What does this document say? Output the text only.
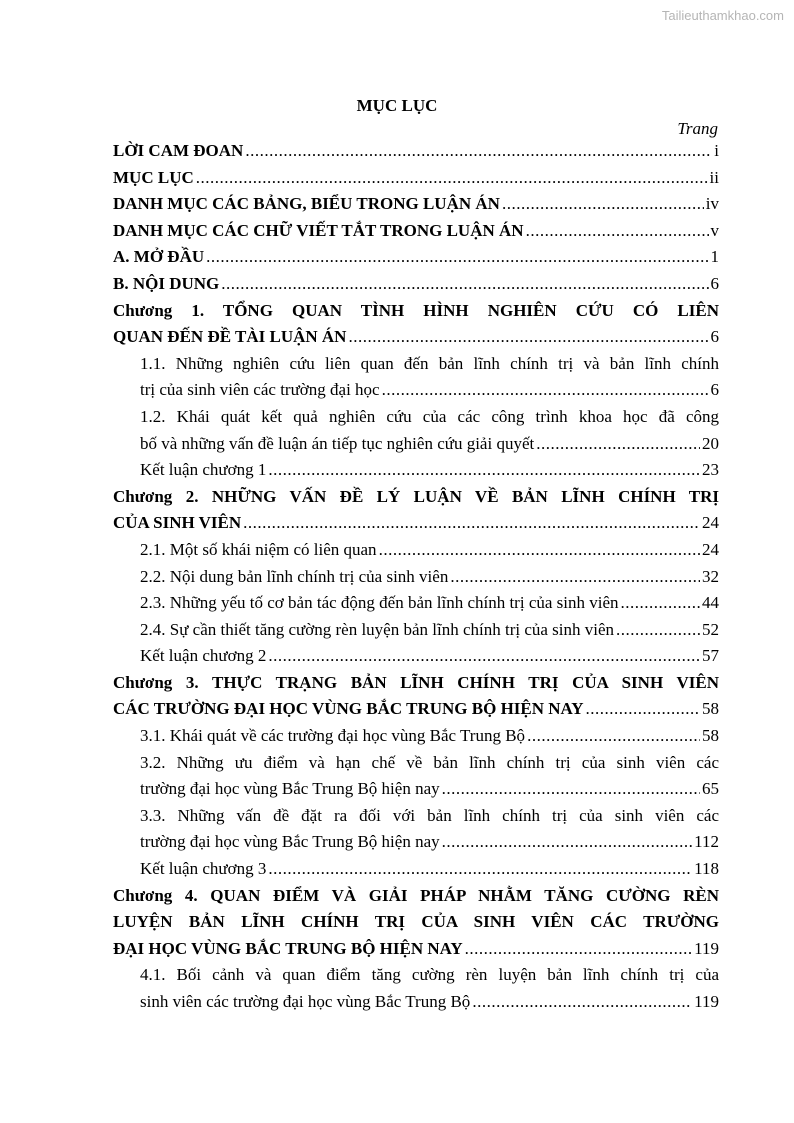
Tailieuthamkhao.com
MỤC LỤC
Trang
LỜI CAM ĐOAN .....	i
MỤC LỤC .....	ii
DANH MỤC CÁC BẢNG, BIỂU TRONG LUẬN ÁN .....	iv
DANH MỤC CÁC CHỮ VIẾT TẮT TRONG LUẬN ÁN .....	v
A. MỞ ĐẦU .....	1
B. NỘI DUNG .....	6
Chương 1. TỔNG QUAN TÌNH HÌNH NGHIÊN CỨU CÓ LIÊN
QUAN ĐẾN ĐỀ TÀI LUẬN ÁN .....	6
1.1. Những nghiên cứu liên quan đến bản lĩnh chính trị và bản lĩnh chính
trị của sinh viên các trường đại học .....	6
1.2. Khái quát kết quả nghiên cứu của các công trình khoa học đã công
bố và những vấn đề luận án tiếp tục nghiên cứu giải quyết .....	20
Kết luận chương 1 .....	23
Chương 2. NHỮNG VẤN ĐỀ LÝ LUẬN VỀ BẢN LĨNH CHÍNH TRỊ
CỦA SINH VIÊN .....	24
2.1. Một số khái niệm có liên quan .....	24
2.2. Nội dung bản lĩnh chính trị của sinh viên .....	32
2.3. Những yếu tố cơ bản tác động đến bản lĩnh chính trị của sinh viên .....	44
2.4. Sự cần thiết tăng cường rèn luyện bản lĩnh chính trị của sinh viên .....	52
Kết luận chương 2 .....	57
Chương 3. THỰC TRẠNG BẢN LĨNH CHÍNH TRỊ CỦA SINH VIÊN
CÁC TRƯỜNG ĐẠI HỌC VÙNG BẮC TRUNG BỘ HIỆN NAY .....	58
3.1. Khái quát về các trường đại học vùng Bắc Trung Bộ .....	58
3.2. Những ưu điểm và hạn chế về bản lĩnh chính trị của sinh viên các
trường đại học vùng Bắc Trung Bộ hiện nay .....	65
3.3. Những vấn đề đặt ra đối với bản lĩnh chính trị của sinh viên các
trường đại học vùng Bắc Trung Bộ hiện nay .....	112
Kết luận chương 3 .....	118
Chương 4. QUAN ĐIỂM VÀ GIẢI PHÁP NHẰM TĂNG CƯỜNG RÈN
LUYỆN BẢN LĨNH CHÍNH TRỊ CỦA SINH VIÊN CÁC TRƯỜNG
ĐẠI HỌC VÙNG BẮC TRUNG BỘ HIỆN NAY .....	119
4.1. Bối cảnh và quan điểm tăng cường rèn luyện bản lĩnh chính trị của
sinh viên các trường đại học vùng Bắc Trung Bộ .....	119
